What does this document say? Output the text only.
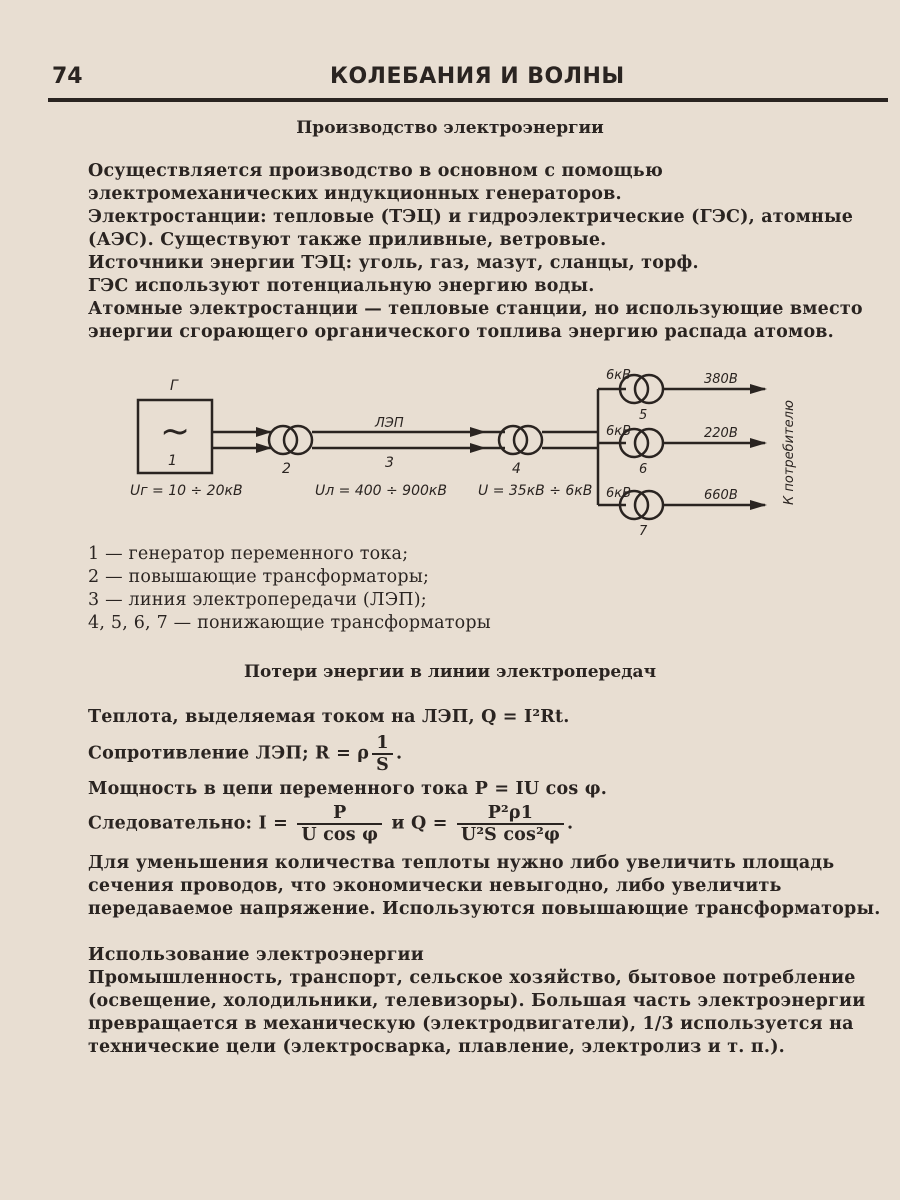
74	КОЛЕБАНИЯ И ВОЛНЫ
Производство электроэнергии
Осуществляется производство в основном с помощью электромеханических индукционных генераторов.
Электростанции: тепловые (ТЭЦ) и гидроэлектрические (ГЭС), атомные (АЭС). Существуют также приливные, ветровые.
Источники энергии ТЭЦ: уголь, газ, мазут, сланцы, торф.
ГЭС используют потенциальную энергию воды.
Атомные электростанции — тепловые станции, но использующие вместо энергии сгорающего органического топлива энергию распада атомов.
Г
~
1
Uг = 10 ÷ 20кВ
2
ЛЭП
3
Uл = 400 ÷ 900кВ
4
U = 35кВ ÷ 6кВ
6кВ	380В
5
6кВ	220В
6
6кВ	660В
7
К потребителю
1 — генератор переменного тока;
2 — повышающие трансформаторы;
3 — линия электропередачи (ЛЭП);
4, 5, 6, 7 — понижающие трансформаторы
Потери энергии в линии электропередач
Теплота, выделяемая током на ЛЭП, Q = I²Rt.
Сопротивление ЛЭП; R = ρ $\frac{1}{S}$ .
Мощность в цепи переменного тока P = IU cos φ.
Следовательно: $I = \frac{P}{\text{U cos φ}}$ и $Q = \frac{\text{P²ρ1}}{\text{U²S cos²φ}}$ .
Для уменьшения количества теплоты нужно либо увеличить площадь сечения проводов, что экономически невыгодно, либо увеличить передаваемое напряжение. Используются повышающие трансформаторы.
Использование электроэнергии
Промышленность, транспорт, сельское хозяйство, бытовое потребление (освещение, холодильники, телевизоры). Большая часть электроэнергии превращается в механическую (электродвигатели), 1/3 используется на технические цели (электросварка, плавление, электролиз и т. п.).
